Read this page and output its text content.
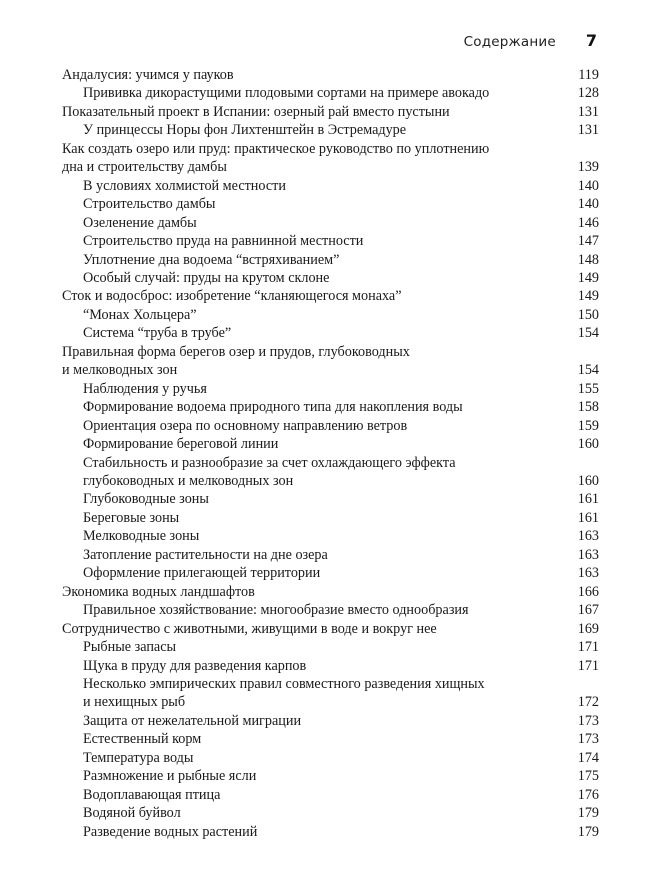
Содержание 7
Андалусия: учимся у пауков	119
Прививка дикорастущими плодовыми сортами на примере авокадо	128
Показательный проект в Испании: озерный рай вместо пустыни	131
У принцессы Норы фон Лихтенштейн в Эстремадуре	131
Как создать озеро или пруд: практическое руководство по уплотнению
дна и строительству дамбы	139
В условиях холмистой местности	140
Строительство дамбы	140
Озеленение дамбы	146
Строительство пруда на равнинной местности	147
Уплотнение дна водоема “встряхиванием”	148
Особый случай: пруды на крутом склоне	149
Сток и водосброс: изобретение “кланяющегося монаха”	149
“Монах Хольцера”	150
Система “труба в трубе”	154
Правильная форма берегов озер и прудов, глубоководных
и мелководных зон	154
Наблюдения у ручья	155
Формирование водоема природного типа для накопления воды	158
Ориентация озера по основному направлению ветров	159
Формирование береговой линии	160
Стабильность и разнообразие за счет охлаждающего эффекта
глубоководных и мелководных зон	160
Глубоководные зоны	161
Береговые зоны	161
Мелководные зоны	163
Затопление растительности на дне озера	163
Оформление прилегающей территории	163
Экономика водных ландшафтов	166
Правильное хозяйствование: многообразие вместо однообразия	167
Сотрудничество с животными, живущими в воде и вокруг нее	169
Рыбные запасы	171
Щука в пруду для разведения карпов	171
Несколько эмпирических правил совместного разведения хищных
и нехищных рыб	172
Защита от нежелательной миграции	173
Естественный корм	173
Температура воды	174
Размножение и рыбные ясли	175
Водоплавающая птица	176
Водяной буйвол	179
Разведение водных растений	179
